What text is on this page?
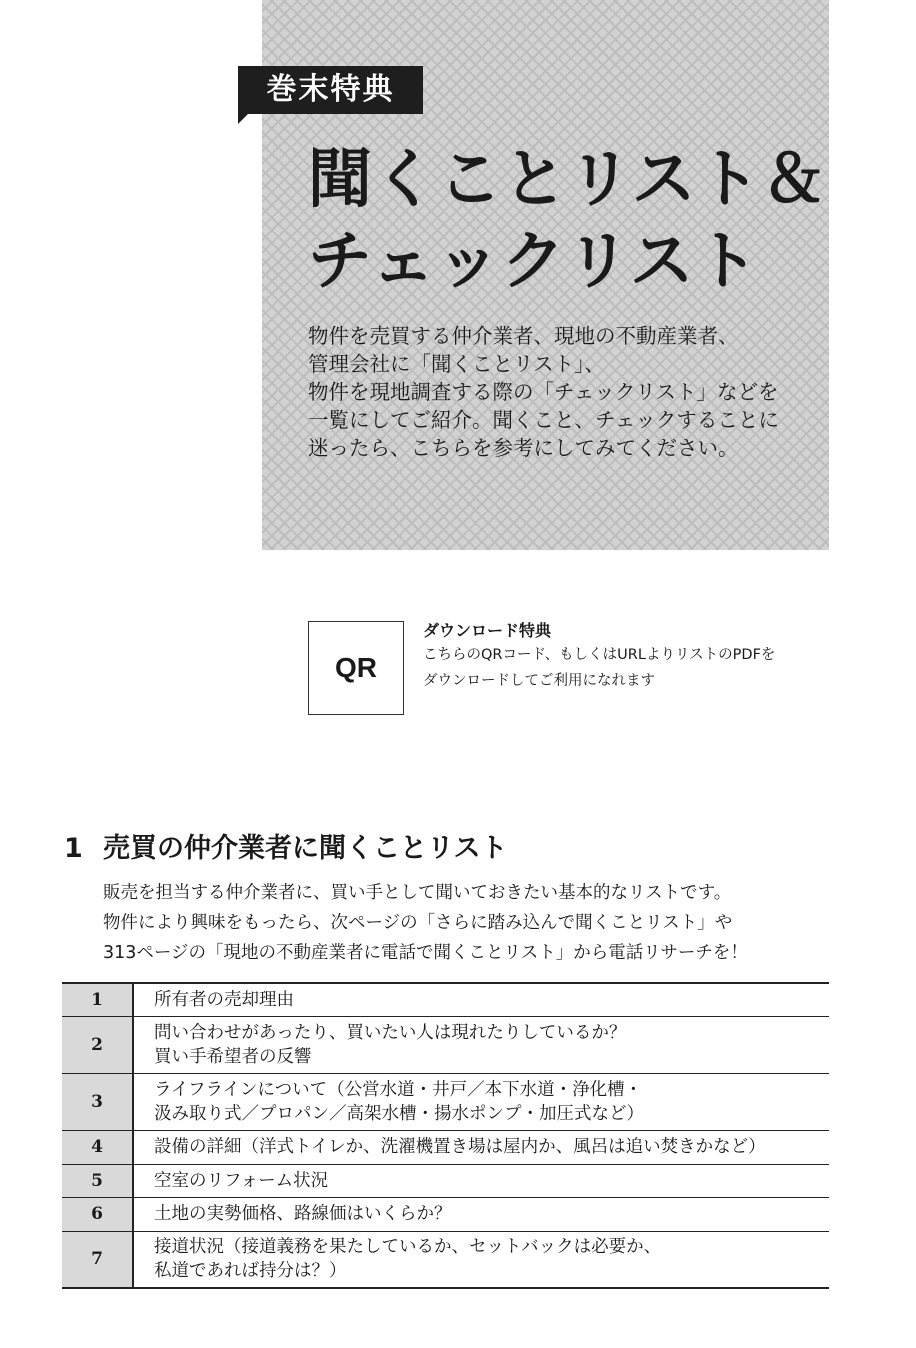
巻末特典
聞くことリスト＆
チェックリスト
物件を売買する仲介業者、現地の不動産業者、
管理会社に「聞くことリスト」、
物件を現地調査する際の「チェックリスト」などを
一覧にしてご紹介。聞くこと、チェックすることに
迷ったら、こちらを参考にしてみてください。
QR
ダウンロード特典
こちらのQRコード、もしくはURLよりリストのPDFを
ダウンロードしてご利用になれます
1 売買の仲介業者に聞くことリスト
販売を担当する仲介業者に、買い手として聞いておきたい基本的なリストです。
物件により興味をもったら、次ページの「さらに踏み込んで聞くことリスト」や
313ページの「現地の不動産業者に電話で聞くことリスト」から電話リサーチを！
1	所有者の売却理由

2	問い合わせがあったり、買いたい人は現れたりしているか？
買い手希望者の反響

3	ライフラインについて（公営水道・井戸／本下水道・浄化槽・
汲み取り式／プロパン／高架水槽・揚水ポンプ・加圧式など）

4	設備の詳細（洋式トイレか、洗濯機置き場は屋内か、風呂は追い焚きかなど）

5	空室のリフォーム状況

6	土地の実勢価格、路線価はいくらか？

7	接道状況（接道義務を果たしているか、セットバックは必要か、
私道であれば持分は？）
